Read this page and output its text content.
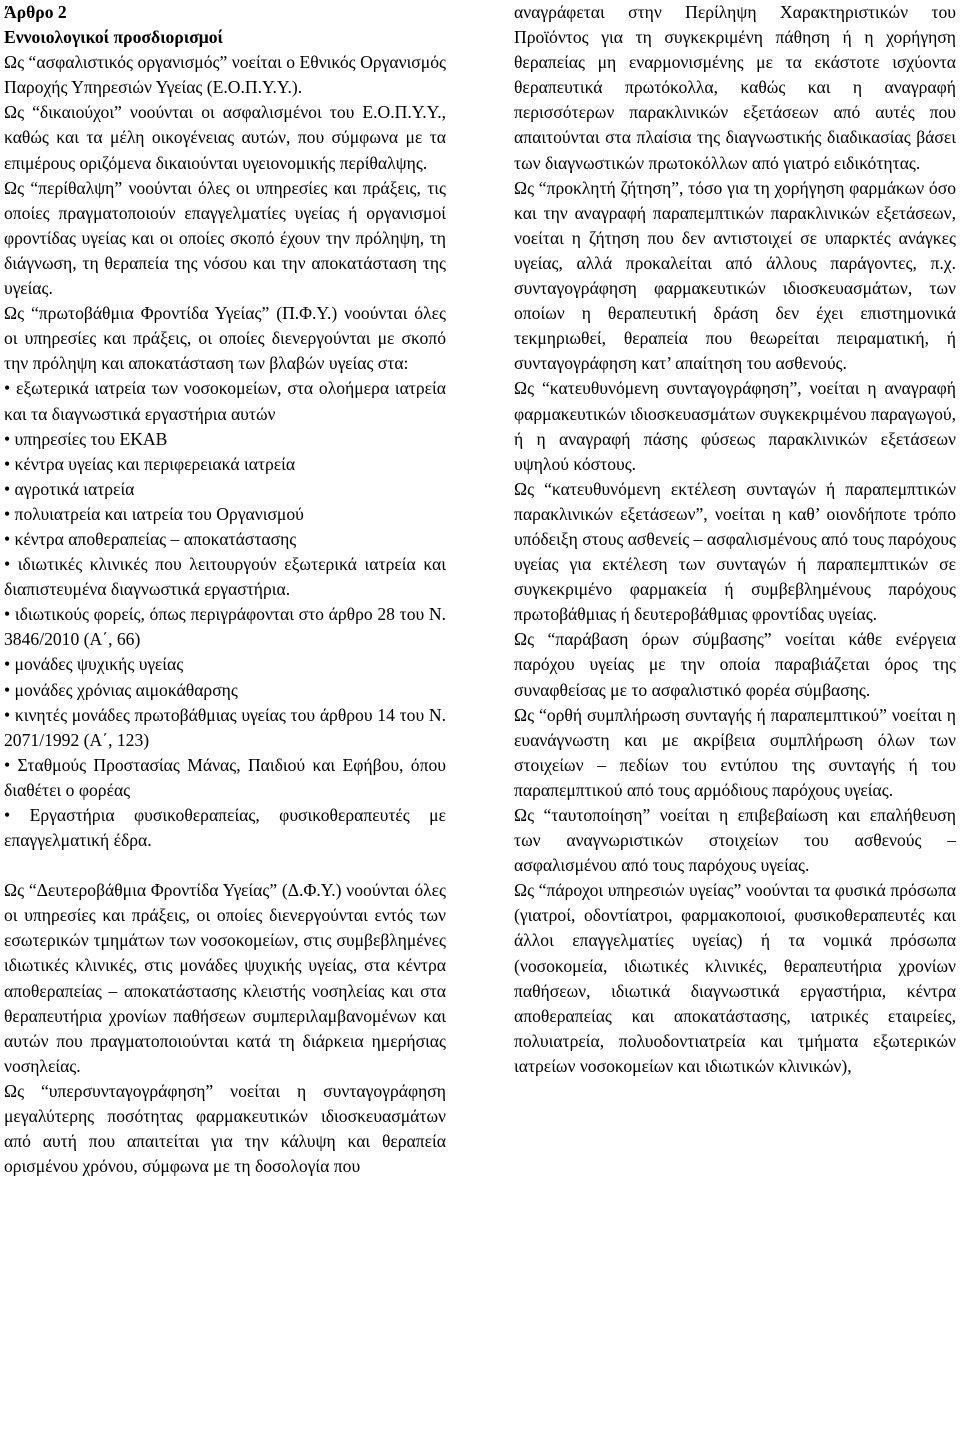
Άρθρο 2

Εννοιολογικοί προσδιορισμοί

Ως “ασφαλιστικός οργανισμός” νοείται ο Εθνικός Οργανισμός Παροχής Υπηρεσιών Υγείας (Ε.Ο.Π.Υ.Υ.).

Ως “δικαιούχοι” νοούνται οι ασφαλισμένοι του Ε.Ο.Π.Υ.Υ., καθώς και τα μέλη οικογένειας αυτών, που σύμφωνα με τα επιμέρους οριζόμενα δικαιούνται υγειονομικής περίθαλψης.

Ως “περίθαλψη” νοούνται όλες οι υπηρεσίες και πράξεις, τις οποίες πραγματοποιούν επαγγελματίες υγείας ή οργανισμοί φροντίδας υγείας και οι οποίες σκοπό έχουν την πρόληψη, τη διάγνωση, τη θεραπεία της νόσου και την αποκατάσταση της υγείας.

Ως “πρωτοβάθμια Φροντίδα Υγείας” (Π.Φ.Υ.) νοούνται όλες οι υπηρεσίες και πράξεις, οι οποίες διενεργούνται με σκοπό την πρόληψη και αποκατάσταση των βλαβών υγείας στα:

• εξωτερικά ιατρεία των νοσοκομείων, στα ολοήμερα ιατρεία και τα διαγνωστικά εργαστήρια αυτών

• υπηρεσίες του ΕΚΑΒ

• κέντρα υγείας και περιφερειακά ιατρεία

• αγροτικά ιατρεία

• πολυιατρεία και ιατρεία του Οργανισμού

• κέντρα αποθεραπείας – αποκατάστασης

• ιδιωτικές κλινικές που λειτουργούν εξωτερικά ιατρεία και διαπιστευμένα διαγνωστικά εργαστήρια.

• ιδιωτικούς φορείς, όπως περιγράφονται στο άρθρο 28 του Ν. 3846/2010 (Α΄, 66)

• μονάδες ψυχικής υγείας

• μονάδες χρόνιας αιμοκάθαρσης

• κινητές μονάδες πρωτοβάθμιας υγείας του άρθρου 14 του Ν. 2071/1992 (Α΄, 123)

• Σταθμούς Προστασίας Μάνας, Παιδιού και Εφήβου, όπου διαθέτει ο φορέας

• Εργαστήρια φυσικοθεραπείας, φυσικοθεραπευτές με επαγγελματική έδρα.

Ως “Δευτεροβάθμια Φροντίδα Υγείας” (Δ.Φ.Υ.) νοούνται όλες οι υπηρεσίες και πράξεις, οι οποίες διενεργούνται εντός των εσωτερικών τμημάτων των νοσοκομείων, στις συμβεβλημένες ιδιωτικές κλινικές, στις μονάδες ψυχικής υγείας, στα κέντρα αποθεραπείας – αποκατάστασης κλειστής νοσηλείας και στα θεραπευτήρια χρονίων παθήσεων συμπεριλαμβανομένων και αυτών που πραγματοποιούνται κατά τη διάρκεια ημερήσιας νοσηλείας.

Ως “υπερσυνταγογράφηση” νοείται η συνταγογράφηση μεγαλύτερης ποσότητας φαρμακευτικών ιδιοσκευασμάτων από αυτή που απαιτείται για την κάλυψη και θεραπεία ορισμένου χρόνου, σύμφωνα με τη δοσολογία που

αναγράφεται στην Περίληψη Χαρακτηριστικών του Προϊόντος για τη συγκεκριμένη πάθηση ή η χορήγηση θεραπείας μη εναρμονισμένης με τα εκάστοτε ισχύοντα θεραπευτικά πρωτόκολλα, καθώς και η αναγραφή περισσότερων παρακλινικών εξετάσεων από αυτές που απαιτούνται στα πλαίσια της διαγνωστικής διαδικασίας βάσει των διαγνωστικών πρωτοκόλλων από γιατρό ειδικότητας.

Ως “προκλητή ζήτηση”, τόσο για τη χορήγηση φαρμάκων όσο και την αναγραφή παραπεμπτικών παρακλινικών εξετάσεων, νοείται η ζήτηση που δεν αντιστοιχεί σε υπαρκτές ανάγκες υγείας, αλλά προκαλείται από άλλους παράγοντες, π.χ. συνταγογράφηση φαρμακευτικών ιδιοσκευασμάτων, των οποίων η θεραπευτική δράση δεν έχει επιστημονικά τεκμηριωθεί, θεραπεία που θεωρείται πειραματική, ή συνταγογράφηση κατ’ απαίτηση του ασθενούς.

Ως “κατευθυνόμενη συνταγογράφηση”, νοείται η αναγραφή φαρμακευτικών ιδιοσκευασμάτων συγκεκριμένου παραγωγού, ή η αναγραφή πάσης φύσεως παρακλινικών εξετάσεων υψηλού κόστους.

Ως “κατευθυνόμενη εκτέλεση συνταγών ή παραπεμπτικών παρακλινικών εξετάσεων”, νοείται η καθ’ οιονδήποτε τρόπο υπόδειξη στους ασθενείς – ασφαλισμένους από τους παρόχους υγείας για εκτέλεση των συνταγών ή παραπεμπτικών σε συγκεκριμένο φαρμακεία ή συμβεβλημένους παρόχους πρωτοβάθμιας ή δευτεροβάθμιας φροντίδας υγείας.

Ως “παράβαση όρων σύμβασης” νοείται κάθε ενέργεια παρόχου υγείας με την οποία παραβιάζεται όρος της συναφθείσας με το ασφαλιστικό φορέα σύμβασης.

Ως “ορθή συμπλήρωση συνταγής ή παραπεμπτικού” νοείται η ευανάγνωστη και με ακρίβεια συμπλήρωση όλων των στοιχείων – πεδίων του εντύπου της συνταγής ή του παραπεμπτικού από τους αρμόδιους παρόχους υγείας.

Ως “ταυτοποίηση” νοείται η επιβεβαίωση και επαλήθευση των αναγνωριστικών στοιχείων του ασθενούς – ασφαλισμένου από τους παρόχους υγείας.

Ως “πάροχοι υπηρεσιών υγείας” νοούνται τα φυσικά πρόσωπα (γιατροί, οδοντίατροι, φαρμακοποιοί, φυσικοθεραπευτές και άλλοι επαγγελματίες υγείας) ή τα νομικά πρόσωπα (νοσοκομεία, ιδιωτικές κλινικές, θεραπευτήρια χρονίων παθήσεων, ιδιωτικά διαγνωστικά εργαστήρια, κέντρα αποθεραπείας και αποκατάστασης, ιατρικές εταιρείες, πολυιατρεία, πολυοδοντιατρεία και τμήματα εξωτερικών ιατρείων νοσοκομείων και ιδιωτικών κλινικών),
